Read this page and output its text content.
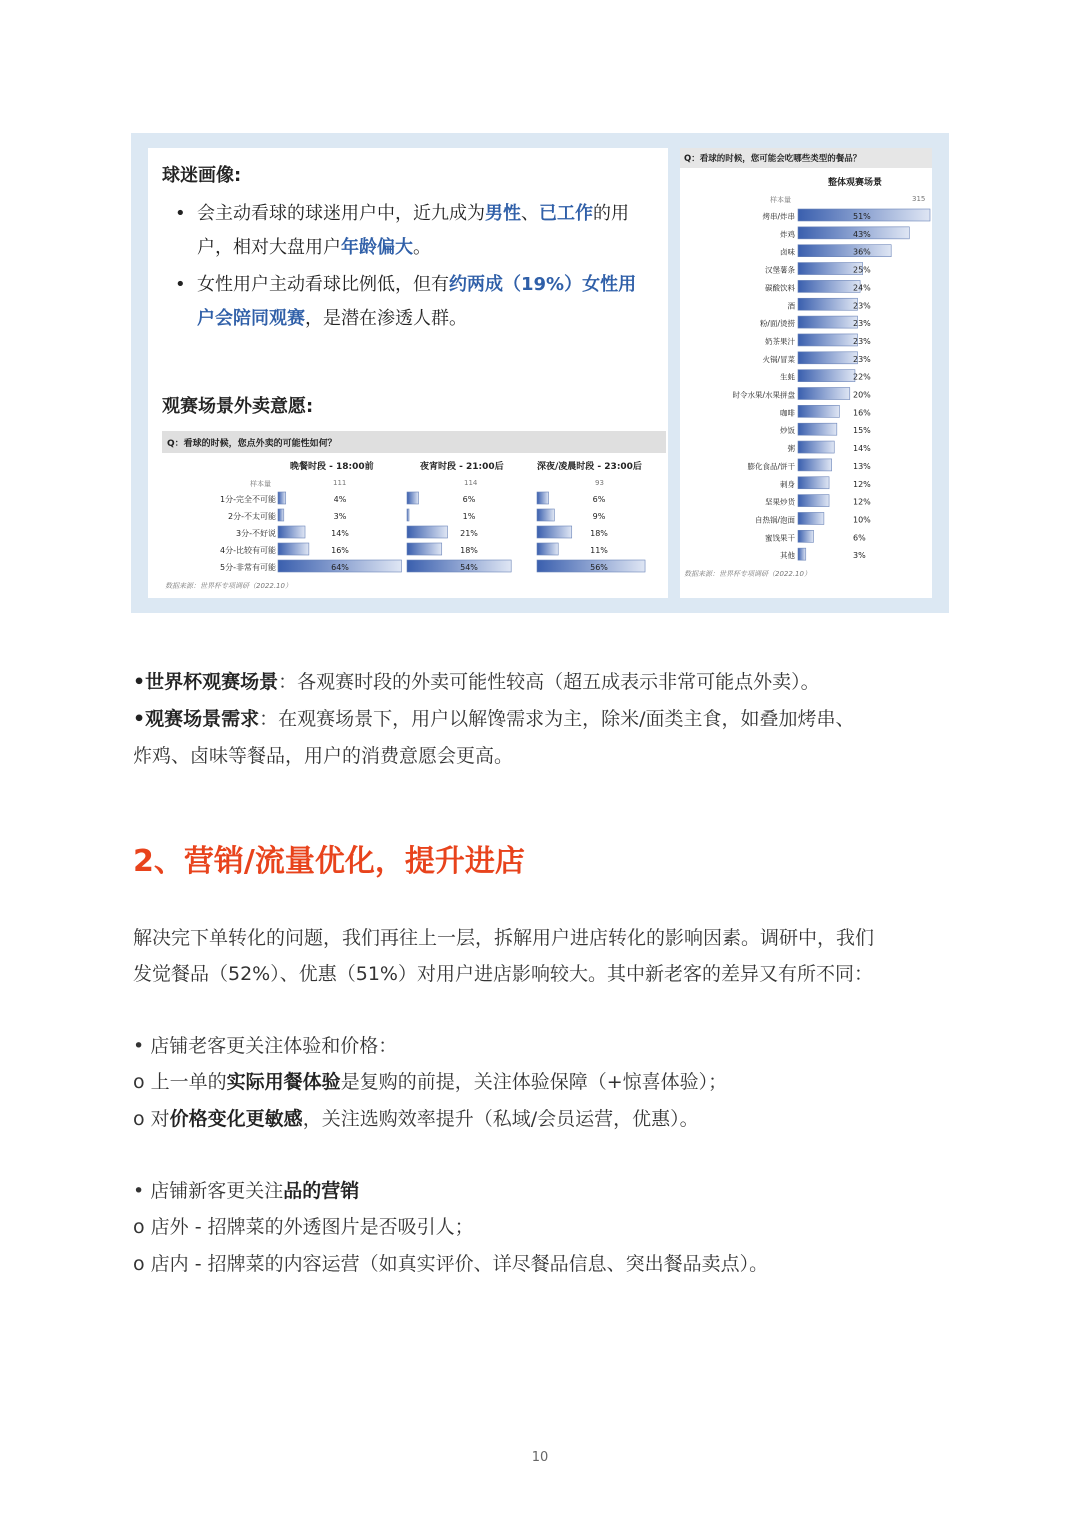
球迷画像:
• 会主动看球的球迷用户中，近九成为男性、已工作的用
户，相对大盘用户年龄偏大。
• 女性用户主动看球比例低，但有约两成（19%）女性用
户会陪同观赛，是潜在渗透人群。
观赛场景外卖意愿:
Q：看球的时候，您点外卖的可能性如何？
晚餐时段 - 18:00前	夜宵时段 - 21:00后	深夜/凌晨时段 - 23:00后
样本量	111	114	93
1分-完全不可能	4%	6%	6%
2分-不太可能	3%	1%	9%
3分-不好说	14%	21%	18%
4分-比较有可能	16%	18%	11%
5分-非常有可能	64%	54%	56%
数据来源：世界杯专项调研（2022.10）
Q：看球的时候，您可能会吃哪些类型的餐品？
整体观赛场景
样本量	315
烤串/炸串	51%
炸鸡	43%
卤味	36%
汉堡薯条	25%
碳酸饮料	24%
酒	23%
粉/面/烫捞	23%
奶茶果汁	23%
火锅/冒菜	23%
生蚝	22%
时令水果/水果拼盘	20%
咖啡	16%
炒饭	15%
粥	14%
膨化食品/饼干	13%
刺身	12%
坚果炒货	12%
自热锅/泡面	10%
蜜饯果干	6%
其他	3%
数据来源：世界杯专项调研（2022.10）
•世界杯观赛场景：各观赛时段的外卖可能性较高（超五成表示非常可能点外卖）。
•观赛场景需求：在观赛场景下，用户以解馋需求为主，除米/面类主食，如叠加烤串、
炸鸡、卤味等餐品，用户的消费意愿会更高。
2、营销/流量优化，提升进店
解决完下单转化的问题，我们再往上一层，拆解用户进店转化的影响因素。调研中，我们
发觉餐品（52%）、优惠（51%）对用户进店影响较大。其中新老客的差异又有所不同：
• 店铺老客更关注体验和价格：
o 上一单的实际用餐体验是复购的前提，关注体验保障（+惊喜体验）；
o 对价格变化更敏感，关注选购效率提升（私域/会员运营，优惠）。
• 店铺新客更关注品的营销
o 店外 - 招牌菜的外透图片是否吸引人；
o 店内 - 招牌菜的内容运营（如真实评价、详尽餐品信息、突出餐品卖点）。
10
